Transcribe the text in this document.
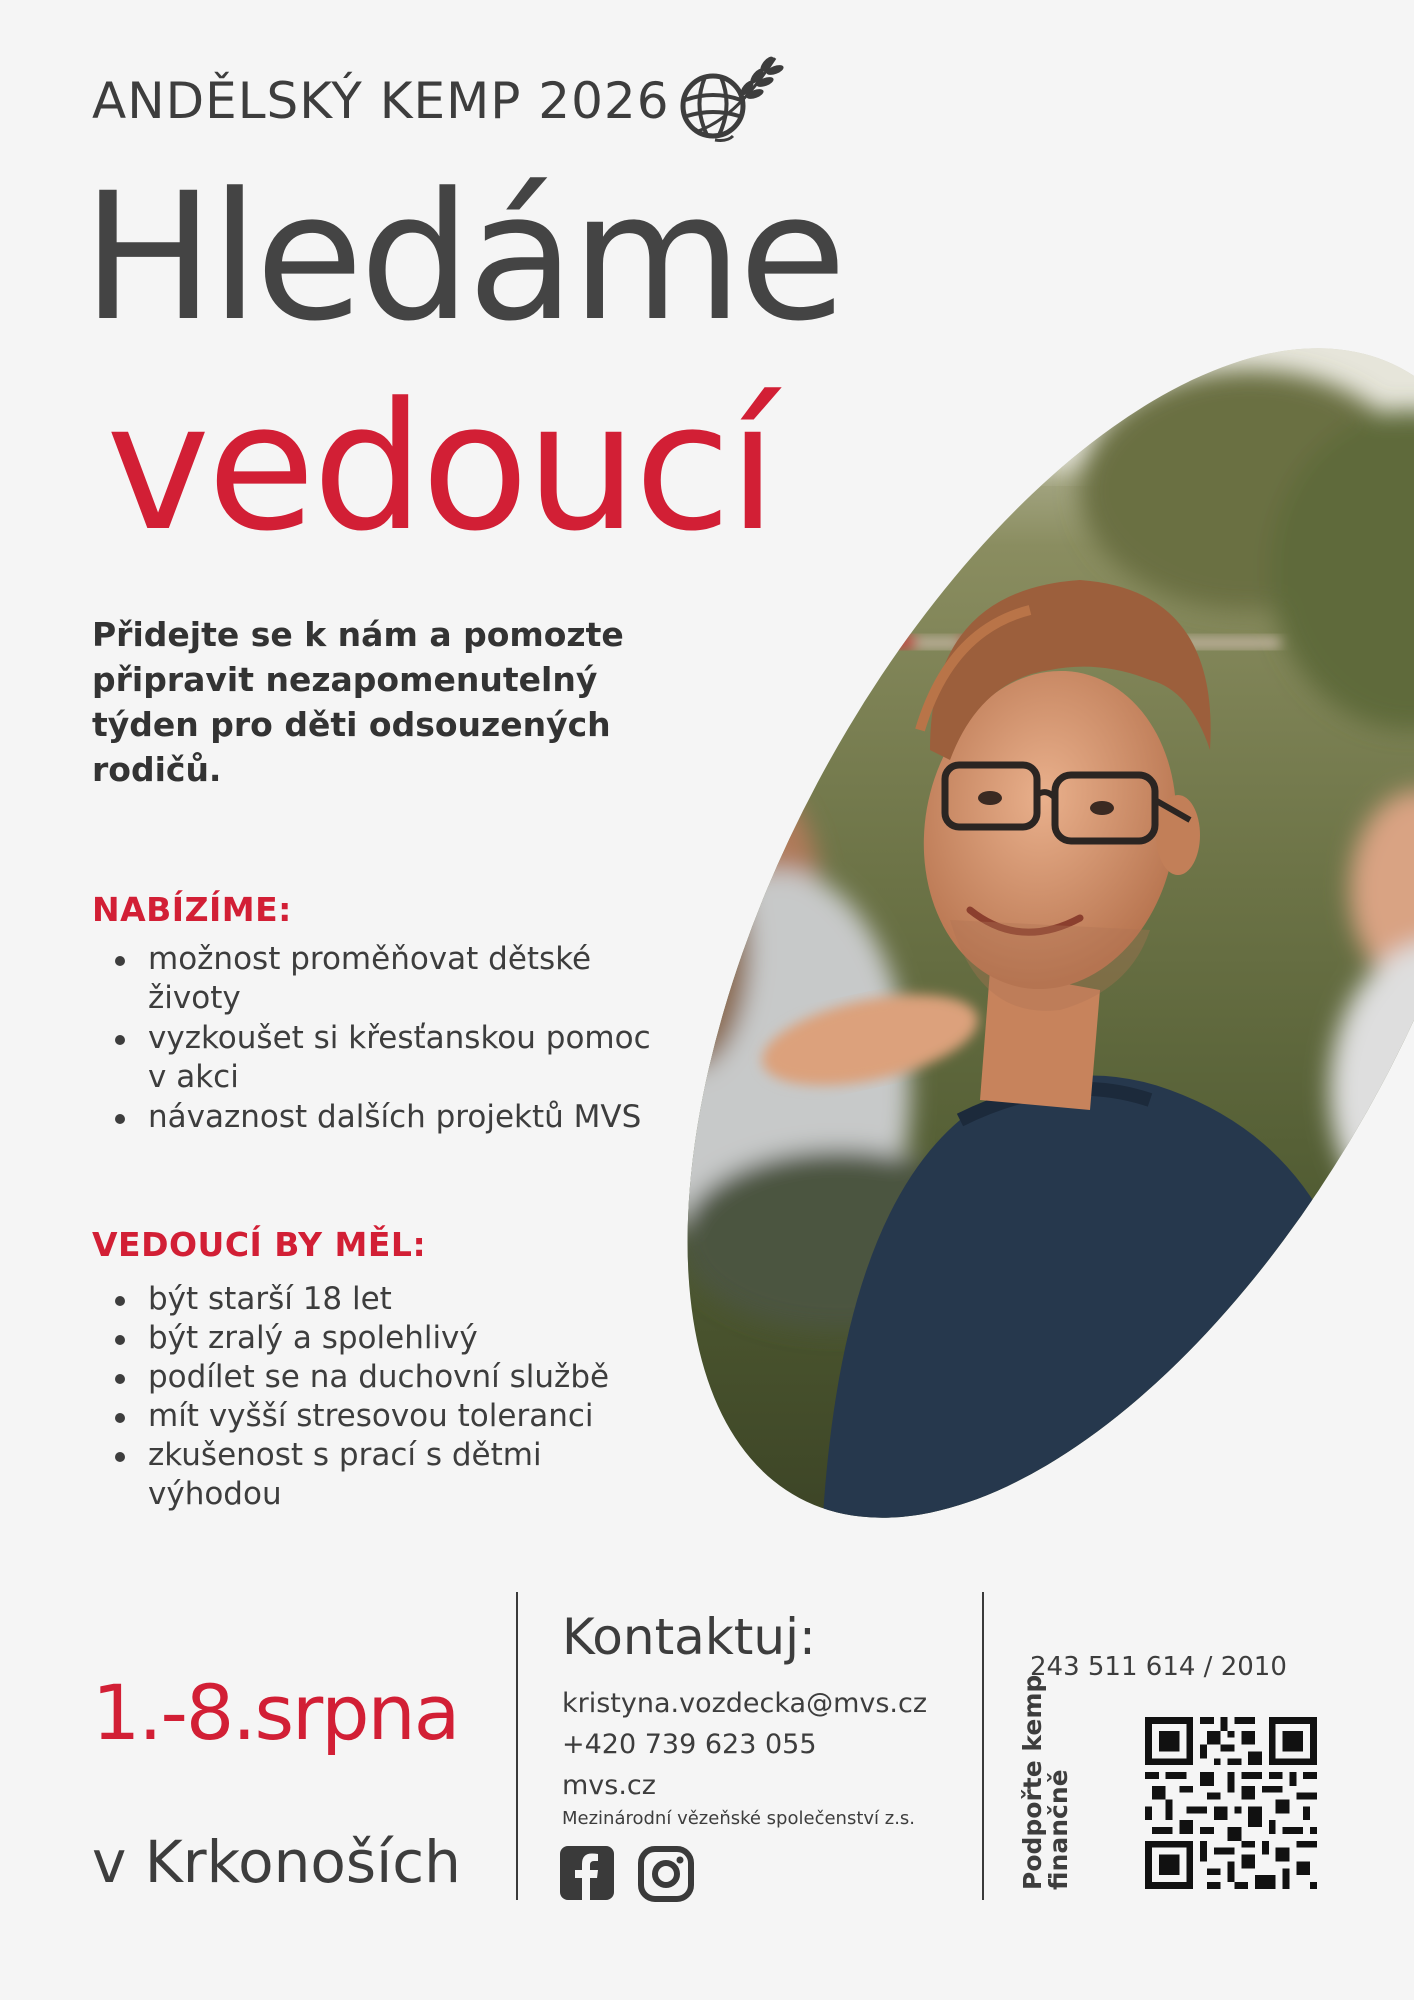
ANDĚLSKÝ KEMP 2026
Hledáme
vedoucí
Přidejte se k nám a pomozte připravit nezapomenutelný týden pro děti odsouzených rodičů.
NABÍZÍME:
možnost proměňovat dětské životy
vyzkoušet si křesťanskou pomoc v akci
návaznost dalších projektů MVS
VEDOUCÍ BY MĚL:
být starší 18 let
být zralý a spolehlivý
podílet se na duchovní službě
mít vyšší stresovou toleranci
zkušenost s prací s dětmi výhodou
1.-8.srpna
v Krkonoších
Kontaktuj:
kristyna.vozdecka@mvs.cz
+420 739 623 055
mvs.cz
Mezinárodní vězeňské společenství z.s.
243 511 614 / 2010
Podpořte kemp finančně
